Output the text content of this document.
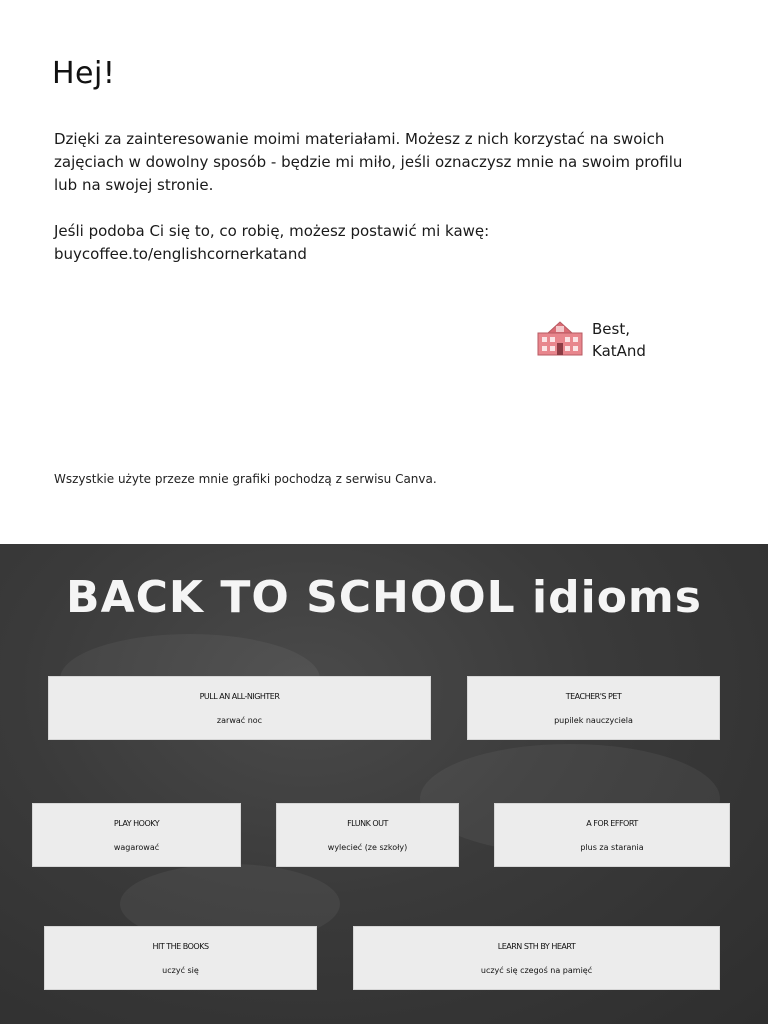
Hej!

Dzięki za zainteresowanie moimi materiałami. Możesz z nich korzystać na swoich zajęciach w dowolny sposób - będzie mi miło, jeśli oznaczysz mnie na swoim profilu lub na swojej stronie.

Jeśli podoba Ci się to, co robię, możesz postawić mi kawę:
buycoffee.to/englishcornerkatand

Best,
KatAnd

Wszystkie użyte przeze mnie grafiki pochodzą z serwisu Canva.

BACK TO SCHOOL idioms
PULL AN ALL-NIGHTER
zarwać noc
TEACHER'S PET
pupilek nauczyciela
PLAY HOOKY
wagarować
FLUNK OUT
wylecieć (ze szkoły)
A FOR EFFORT
plus za starania
HIT THE BOOKS
uczyć się
LEARN STH BY HEART
uczyć się czegoś na pamięć
